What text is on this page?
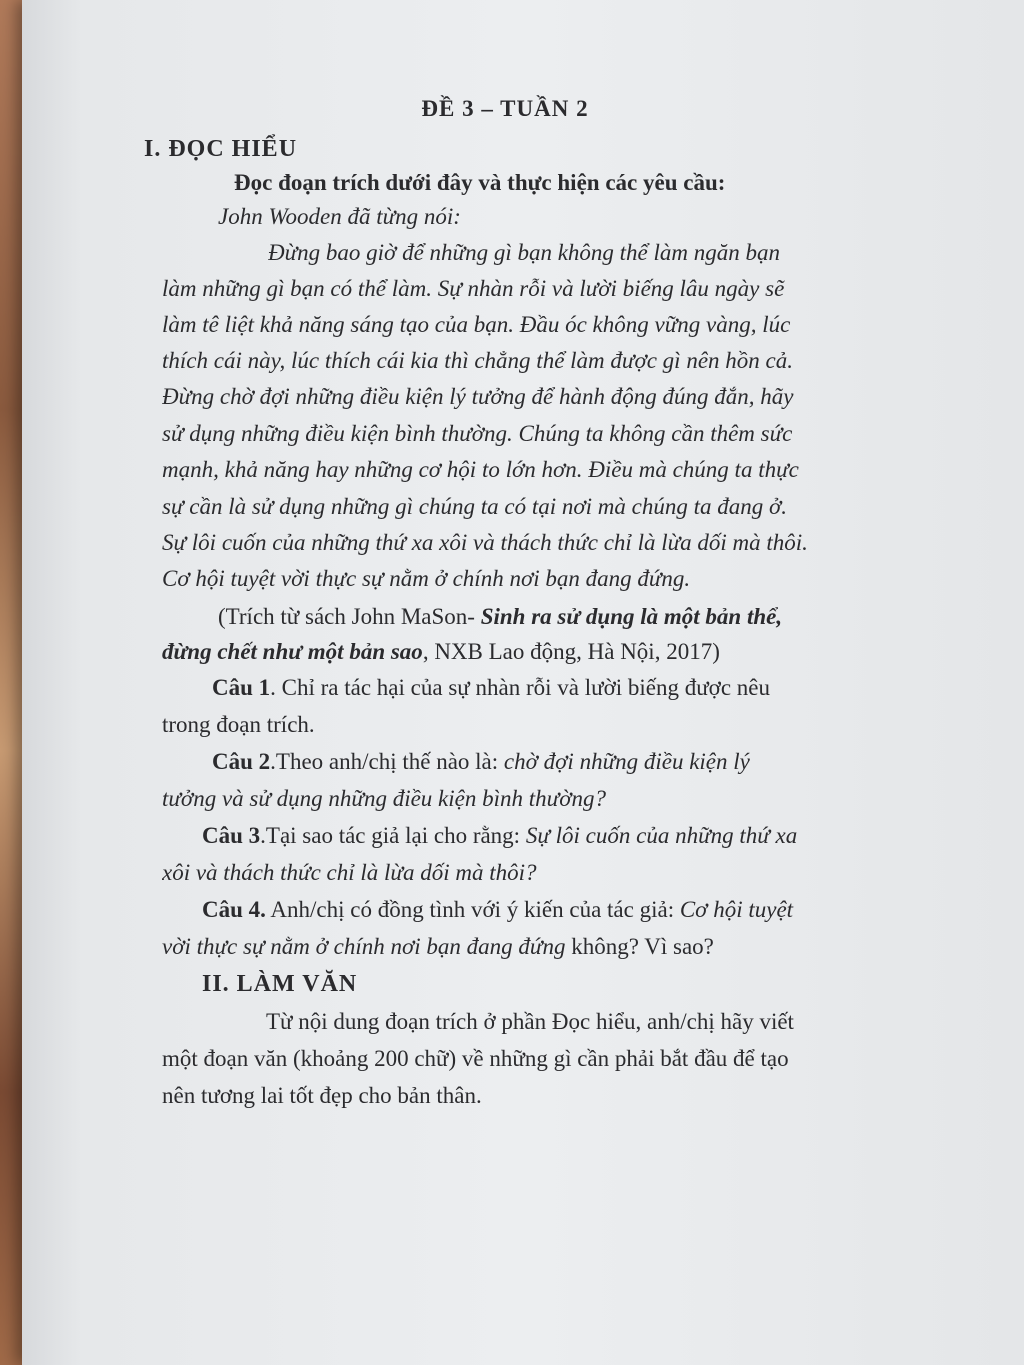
ĐỀ 3 – TUẦN 2
I. ĐỌC HIỂU
Đọc đoạn trích dưới đây và thực hiện các yêu cầu:
John Wooden đã từng nói:
Đừng bao giờ để những gì bạn không thể làm ngăn bạn
làm những gì bạn có thể làm. Sự nhàn rỗi và lười biếng lâu ngày sẽ
làm tê liệt khả năng sáng tạo của bạn. Đầu óc không vững vàng, lúc
thích cái này, lúc thích cái kia thì chẳng thể làm được gì nên hồn cả.
Đừng chờ đợi những điều kiện lý tưởng để hành động đúng đắn, hãy
sử dụng những điều kiện bình thường. Chúng ta không cần thêm sức
mạnh, khả năng hay những cơ hội to lớn hơn. Điều mà chúng ta thực
sự cần là sử dụng những gì chúng ta có tại nơi mà chúng ta đang ở.
Sự lôi cuốn của những thứ xa xôi và thách thức chỉ là lừa dối mà thôi.
Cơ hội tuyệt vời thực sự nằm ở chính nơi bạn đang đứng.
(Trích từ sách John MaSon- Sinh ra sử dụng là một bản thể,
đừng chết như một bản sao, NXB Lao động, Hà Nội, 2017)
Câu 1. Chỉ ra tác hại của sự nhàn rỗi và lười biếng được nêu
trong đoạn trích.
Câu 2.Theo anh/chị thế nào là: chờ đợi những điều kiện lý
tưởng và sử dụng những điều kiện bình thường?
Câu 3.Tại sao tác giả lại cho rằng: Sự lôi cuốn của những thứ xa
xôi và thách thức chỉ là lừa dối mà thôi?
Câu 4. Anh/chị có đồng tình với ý kiến của tác giả: Cơ hội tuyệt
vời thực sự nằm ở chính nơi bạn đang đứng không? Vì sao?
II. LÀM VĂN
Từ nội dung đoạn trích ở phần Đọc hiểu, anh/chị hãy viết
một đoạn văn (khoảng 200 chữ) về những gì cần phải bắt đầu để tạo
nên tương lai tốt đẹp cho bản thân.
